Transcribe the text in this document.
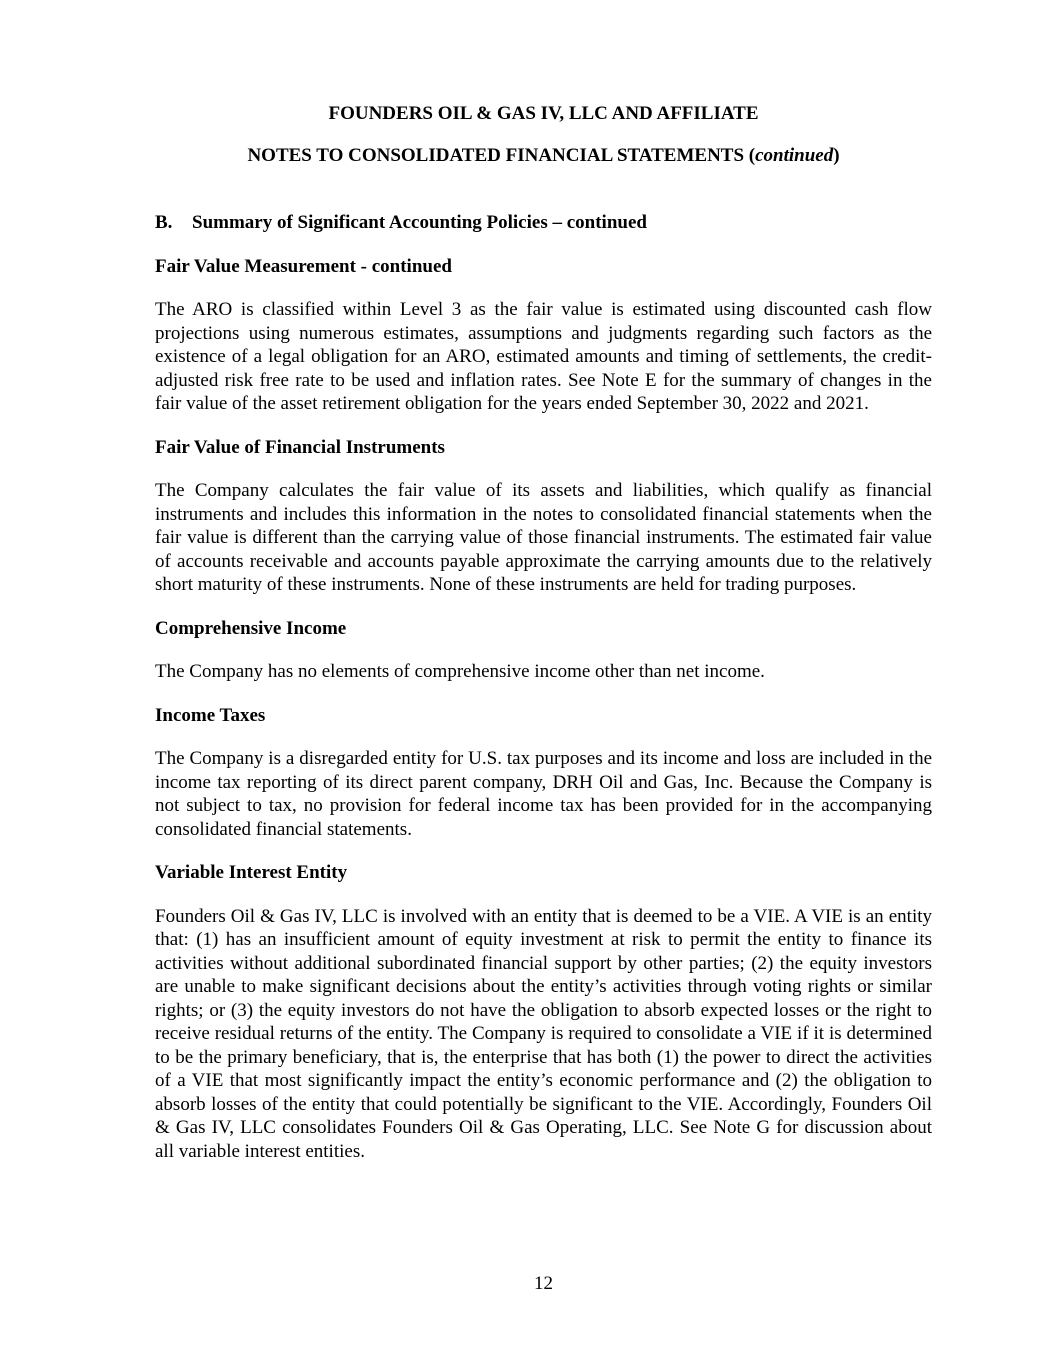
FOUNDERS OIL & GAS IV, LLC AND AFFILIATE

NOTES TO CONSOLIDATED FINANCIAL STATEMENTS (continued)

B. Summary of Significant Accounting Policies – continued

Fair Value Measurement - continued

The ARO is classified within Level 3 as the fair value is estimated using discounted cash flow projections using numerous estimates, assumptions and judgments regarding such factors as the existence of a legal obligation for an ARO, estimated amounts and timing of settlements, the credit-adjusted risk free rate to be used and inflation rates. See Note E for the summary of changes in the fair value of the asset retirement obligation for the years ended September 30, 2022 and 2021.

Fair Value of Financial Instruments

The Company calculates the fair value of its assets and liabilities, which qualify as financial instruments and includes this information in the notes to consolidated financial statements when the fair value is different than the carrying value of those financial instruments. The estimated fair value of accounts receivable and accounts payable approximate the carrying amounts due to the relatively short maturity of these instruments. None of these instruments are held for trading purposes.

Comprehensive Income

The Company has no elements of comprehensive income other than net income.

Income Taxes

The Company is a disregarded entity for U.S. tax purposes and its income and loss are included in the income tax reporting of its direct parent company, DRH Oil and Gas, Inc. Because the Company is not subject to tax, no provision for federal income tax has been provided for in the accompanying consolidated financial statements.

Variable Interest Entity

Founders Oil & Gas IV, LLC is involved with an entity that is deemed to be a VIE. A VIE is an entity that: (1) has an insufficient amount of equity investment at risk to permit the entity to finance its activities without additional subordinated financial support by other parties; (2) the equity investors are unable to make significant decisions about the entity’s activities through voting rights or similar rights; or (3) the equity investors do not have the obligation to absorb expected losses or the right to receive residual returns of the entity. The Company is required to consolidate a VIE if it is determined to be the primary beneficiary, that is, the enterprise that has both (1) the power to direct the activities of a VIE that most significantly impact the entity’s economic performance and (2) the obligation to absorb losses of the entity that could potentially be significant to the VIE. Accordingly, Founders Oil & Gas IV, LLC consolidates Founders Oil & Gas Operating, LLC. See Note G for discussion about all variable interest entities.

12
